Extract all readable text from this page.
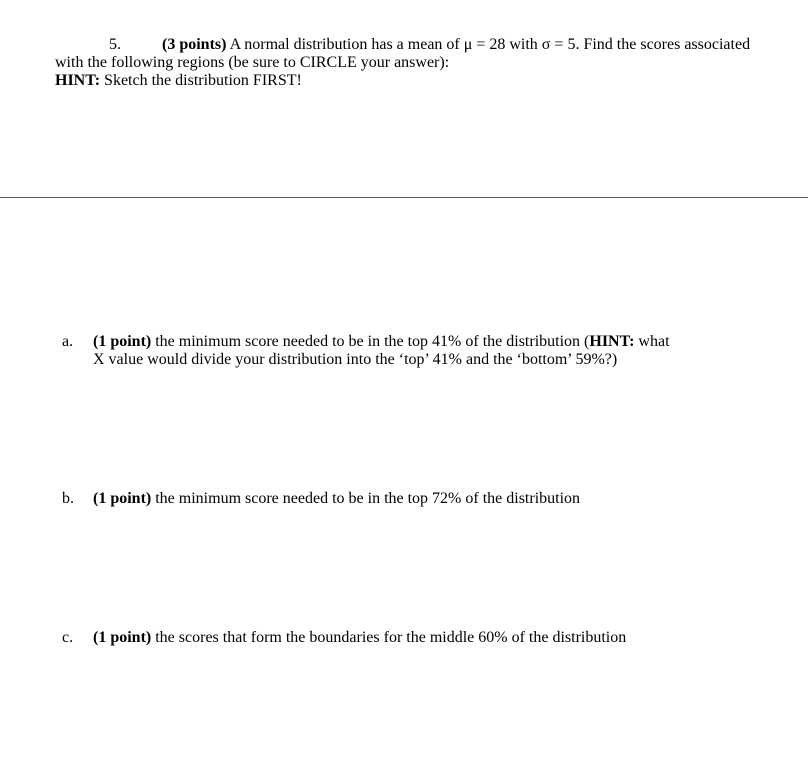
5.	(3 points) A normal distribution has a mean of μ = 28 with σ = 5. Find the scores associated
with the following regions (be sure to CIRCLE your answer):
HINT: Sketch the distribution FIRST!
a. (1 point) the minimum score needed to be in the top 41% of the distribution (HINT: what
X value would divide your distribution into the ‘top’ 41% and the ‘bottom’ 59%?)
b. (1 point) the minimum score needed to be in the top 72% of the distribution
c. (1 point) the scores that form the boundaries for the middle 60% of the distribution
